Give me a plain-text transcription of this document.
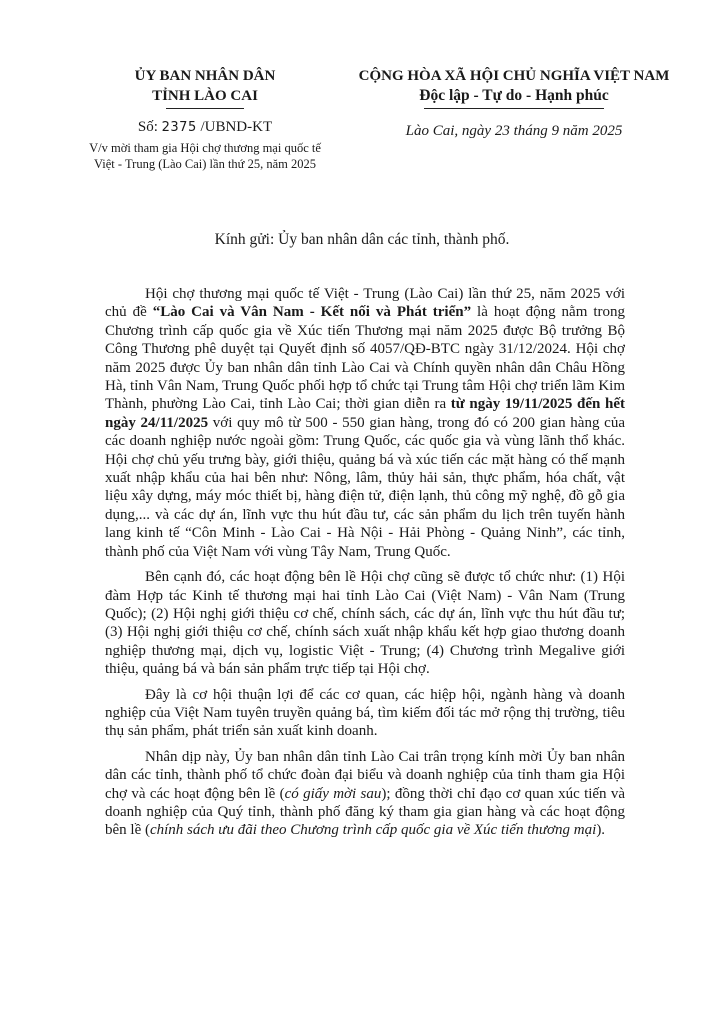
ỦY BAN NHÂN DÂN
TỈNH LÀO CAI
Số: 2375 /UBND-KT
V/v mời tham gia Hội chợ thương mại quốc tế Việt - Trung (Lào Cai) lần thứ 25, năm 2025
CỘNG HÒA XÃ HỘI CHỦ NGHĨA VIỆT NAM
Độc lập - Tự do - Hạnh phúc
Lào Cai, ngày 23 tháng 9 năm 2025
Kính gửi: Ủy ban nhân dân các tỉnh, thành phố.

Hội chợ thương mại quốc tế Việt - Trung (Lào Cai) lần thứ 25, năm 2025 với chủ đề “Lào Cai và Vân Nam - Kết nối và Phát triển” là hoạt động nằm trong Chương trình cấp quốc gia về Xúc tiến Thương mại năm 2025 được Bộ trưởng Bộ Công Thương phê duyệt tại Quyết định số 4057/QĐ-BTC ngày 31/12/2024. Hội chợ năm 2025 được Ủy ban nhân dân tỉnh Lào Cai và Chính quyền nhân dân Châu Hồng Hà, tỉnh Vân Nam, Trung Quốc phối hợp tổ chức tại Trung tâm Hội chợ triển lãm Kim Thành, phường Lào Cai, tỉnh Lào Cai; thời gian diễn ra từ ngày 19/11/2025 đến hết ngày 24/11/2025 với quy mô từ 500 - 550 gian hàng, trong đó có 200 gian hàng của các doanh nghiệp nước ngoài gồm: Trung Quốc, các quốc gia và vùng lãnh thổ khác. Hội chợ chủ yếu trưng bày, giới thiệu, quảng bá và xúc tiến các mặt hàng có thế mạnh xuất nhập khẩu của hai bên như: Nông, lâm, thủy hải sản, thực phẩm, hóa chất, vật liệu xây dựng, máy móc thiết bị, hàng điện tử, điện lạnh, thủ công mỹ nghệ, đồ gỗ gia dụng,... và các dự án, lĩnh vực thu hút đầu tư, các sản phẩm du lịch trên tuyến hành lang kinh tế “Côn Minh - Lào Cai - Hà Nội - Hải Phòng - Quảng Ninh”, các tỉnh, thành phố của Việt Nam với vùng Tây Nam, Trung Quốc.

Bên cạnh đó, các hoạt động bên lề Hội chợ cũng sẽ được tổ chức như: (1) Hội đàm Hợp tác Kinh tế thương mại hai tỉnh Lào Cai (Việt Nam) - Vân Nam (Trung Quốc); (2) Hội nghị giới thiệu cơ chế, chính sách, các dự án, lĩnh vực thu hút đầu tư; (3) Hội nghị giới thiệu cơ chế, chính sách xuất nhập khẩu kết hợp giao thương doanh nghiệp thương mại, dịch vụ, logistic Việt - Trung; (4) Chương trình Megalive giới thiệu, quảng bá và bán sản phẩm trực tiếp tại Hội chợ.

Đây là cơ hội thuận lợi để các cơ quan, các hiệp hội, ngành hàng và doanh nghiệp của Việt Nam tuyên truyền quảng bá, tìm kiếm đối tác mở rộng thị trường, tiêu thụ sản phẩm, phát triển sản xuất kinh doanh.

Nhân dịp này, Ủy ban nhân dân tỉnh Lào Cai trân trọng kính mời Ủy ban nhân dân các tỉnh, thành phố tổ chức đoàn đại biểu và doanh nghiệp của tỉnh tham gia Hội chợ và các hoạt động bên lề (có giấy mời sau); đồng thời chỉ đạo cơ quan xúc tiến và doanh nghiệp của Quý tỉnh, thành phố đăng ký tham gia gian hàng và các hoạt động bên lề (chính sách ưu đãi theo Chương trình cấp quốc gia về Xúc tiến thương mại).
